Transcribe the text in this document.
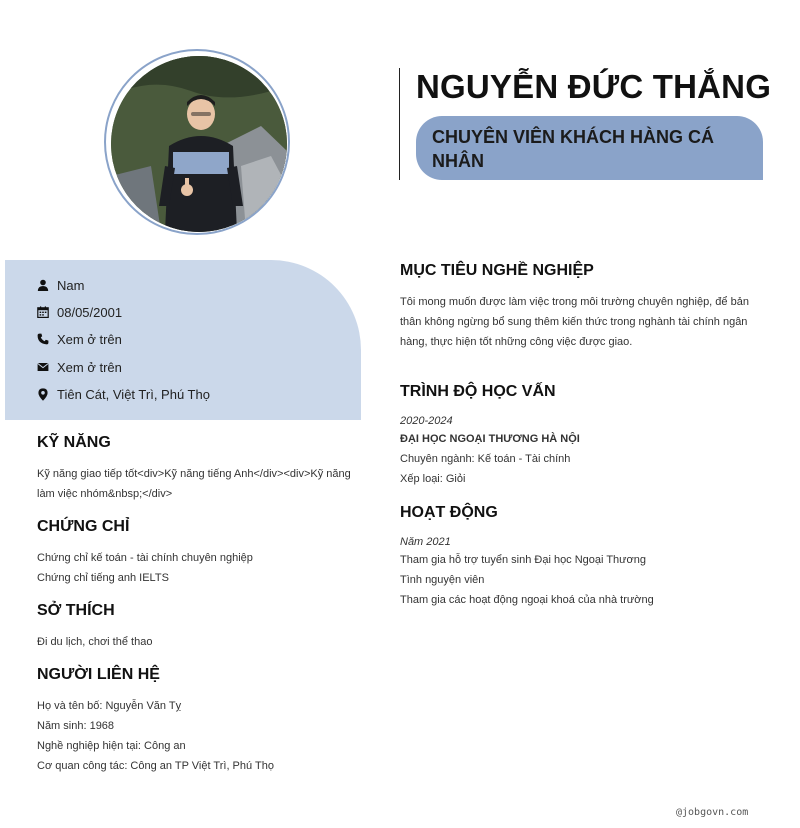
NGUYỄN ĐỨC THẮNG
CHUYÊN VIÊN KHÁCH HÀNG CÁ NHÂN
Nam
08/05/2001
Xem ở trên
Xem ở trên
Tiên Cát, Việt Trì, Phú Thọ
KỸ NĂNG
Kỹ năng giao tiếp tốt<div>Kỹ năng tiếng Anh</div><div>Kỹ năng làm việc nhóm&nbsp;</div>
CHỨNG CHỈ
Chứng chỉ kế toán - tài chính chuyên nghiệp
Chứng chỉ tiếng anh IELTS
SỞ THÍCH
Đi du lịch, chơi thể thao
NGƯỜI LIÊN HỆ
Họ và tên bố: Nguyễn Văn Tỵ
Năm sinh: 1968
Nghề nghiệp hiện tại: Công an
Cơ quan công tác: Công an TP Việt Trì, Phú Thọ
MỤC TIÊU NGHỀ NGHIỆP
Tôi mong muốn được làm việc trong môi trường chuyên nghiệp, để bản
thân không ngừng bổ sung thêm kiến thức trong nghành tài chính ngân
hàng, thực hiện tốt những công việc được giao.
TRÌNH ĐỘ HỌC VẤN
2020-2024
ĐẠI HỌC NGOẠI THƯƠNG HÀ NỘI
Chuyên ngành: Kế toán - Tài chính
Xếp loại: Giỏi
HOẠT ĐỘNG
Năm 2021
Tham gia hỗ trợ tuyển sinh Đại học Ngoại Thương
Tình nguyện viên
Tham gia các hoạt động ngoại khoá của nhà trường
@jobgovn.com
